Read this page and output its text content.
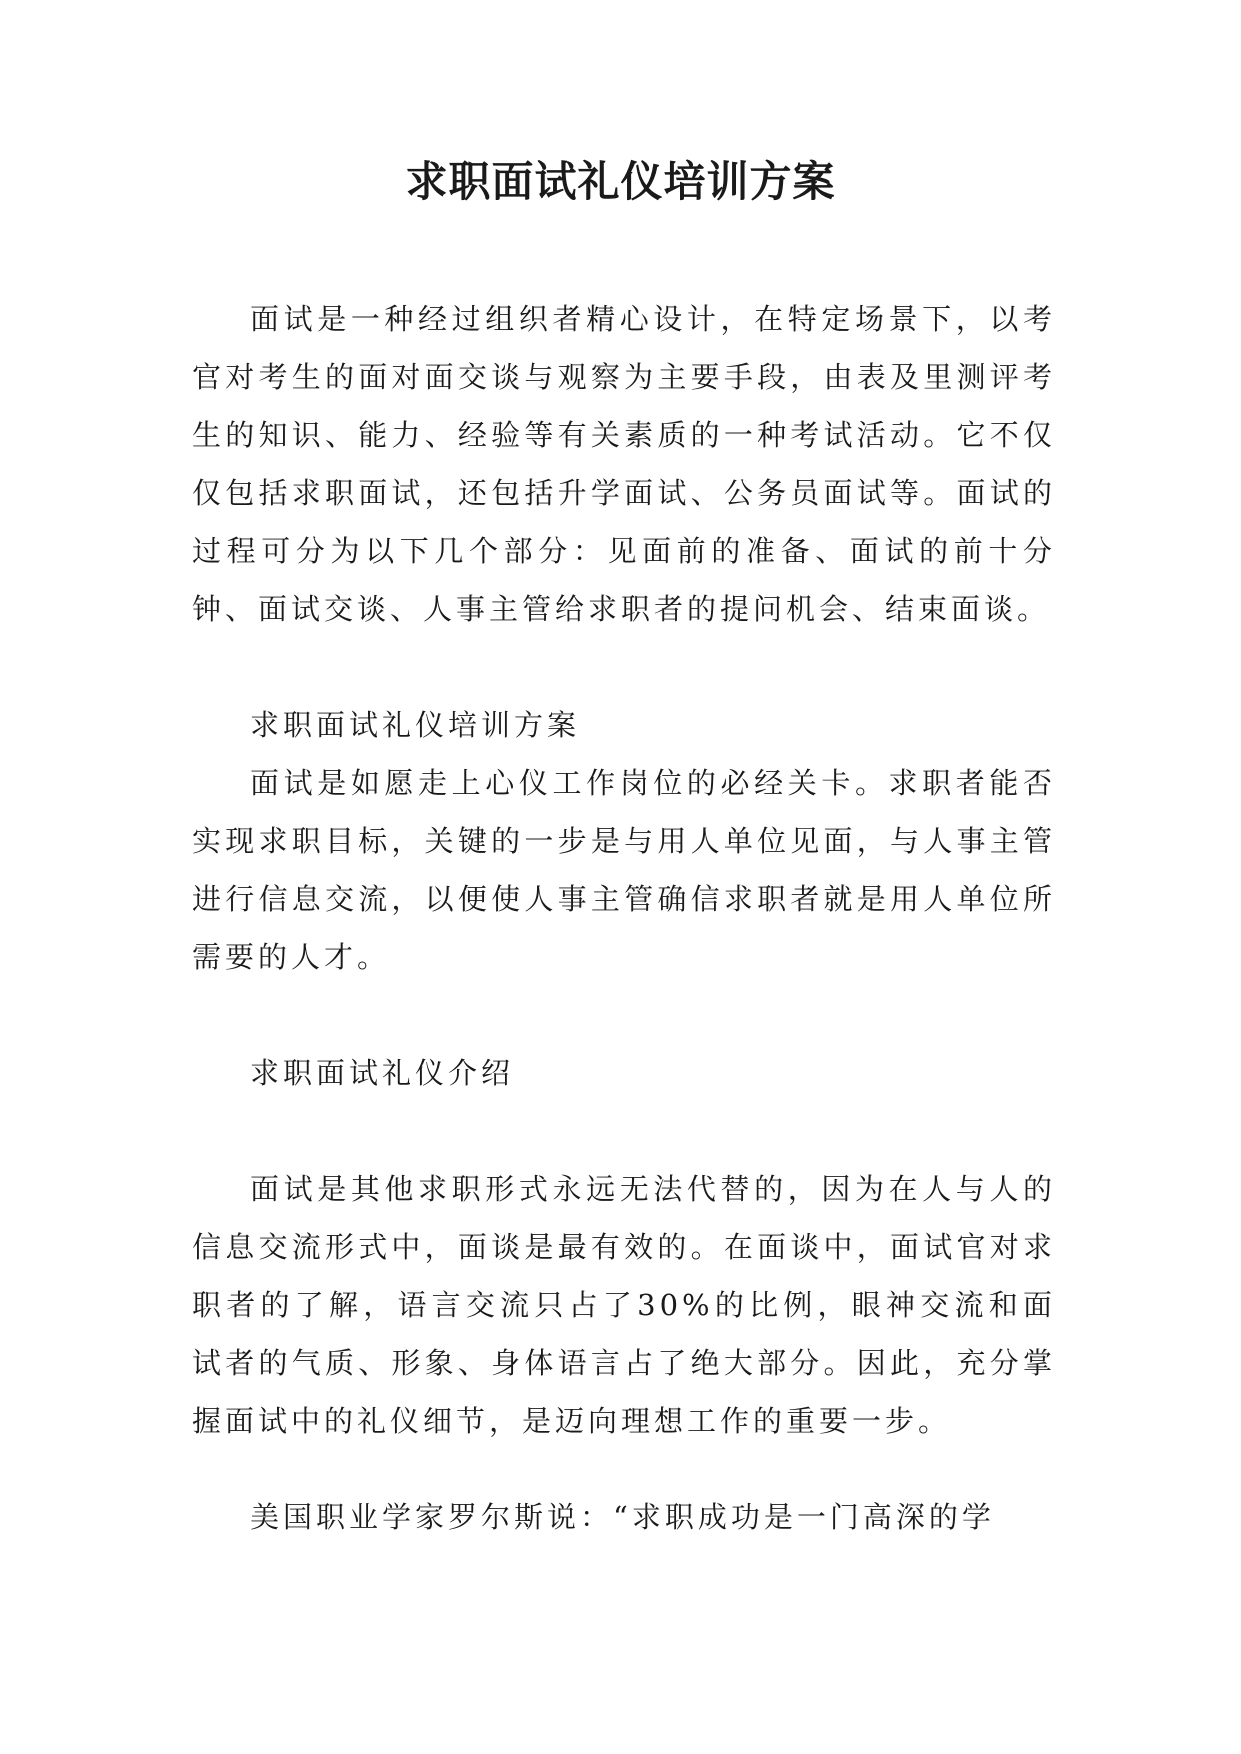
求职面试礼仪培训方案

面试是一种经过组织者精心设计，在特定场景下，以考官对考生的面对面交谈与观察为主要手段，由表及里测评考生的知识、能力、经验等有关素质的一种考试活动。它不仅仅包括求职面试，还包括升学面试、公务员面试等。面试的过程可分为以下几个部分：见面前的准备、面试的前十分钟、面试交谈、人事主管给求职者的提问机会、结束面谈。

求职面试礼仪培训方案

面试是如愿走上心仪工作岗位的必经关卡。求职者能否实现求职目标，关键的一步是与用人单位见面，与人事主管进行信息交流，以便使人事主管确信求职者就是用人单位所需要的人才。

求职面试礼仪介绍

面试是其他求职形式永远无法代替的，因为在人与人的信息交流形式中，面谈是最有效的。在面谈中，面试官对求职者的了解，语言交流只占了30%的比例，眼神交流和面试者的气质、形象、身体语言占了绝大部分。因此，充分掌握面试中的礼仪细节，是迈向理想工作的重要一步。

美国职业学家罗尔斯说：“求职成功是一门高深的学
